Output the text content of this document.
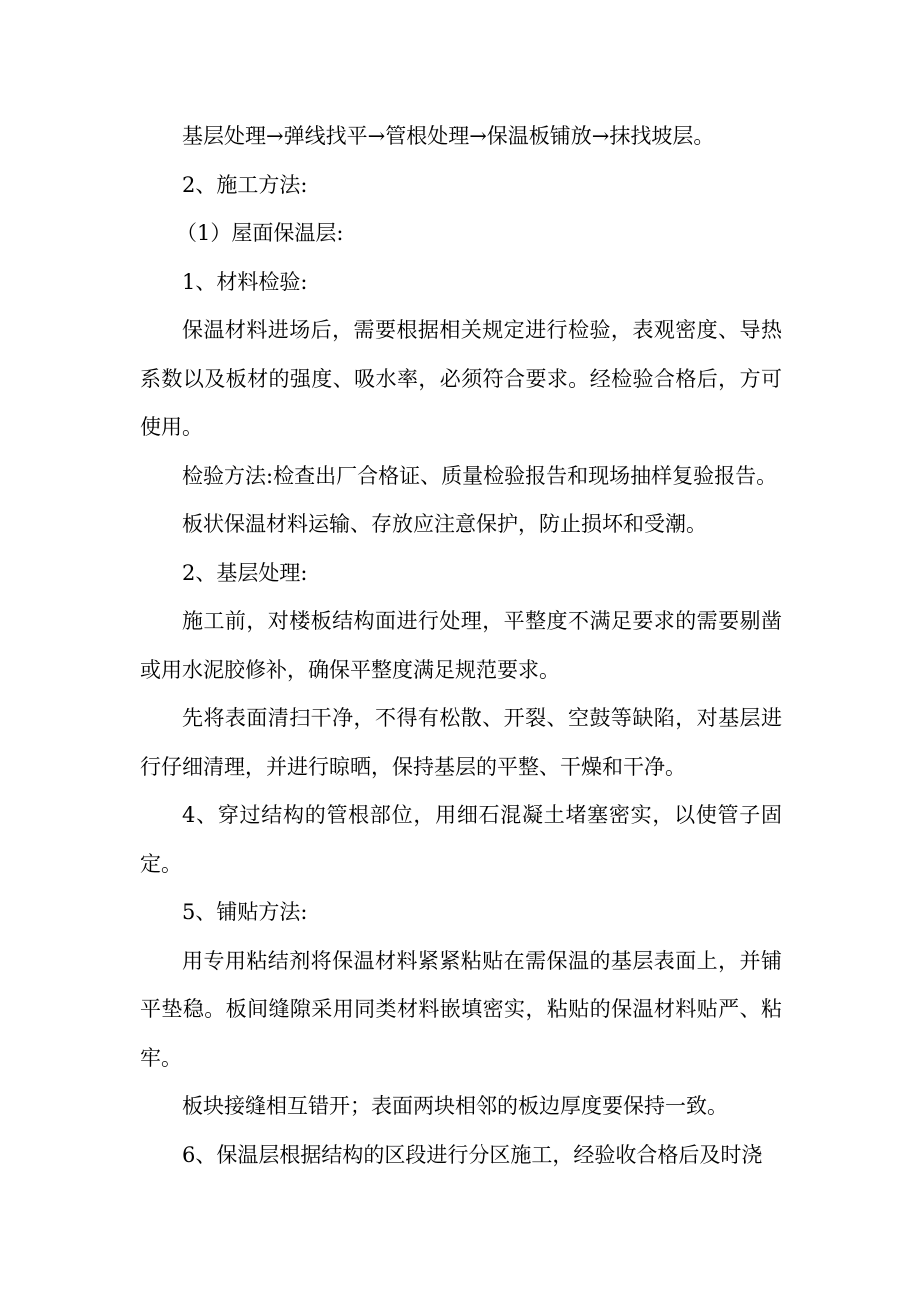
基层处理→弹线找平→管根处理→保温板铺放→抹找坡层。

2、施工方法:

（1）屋面保温层:

1、材料检验:

保温材料进场后，需要根据相关规定进行检验，表观密度、导热系数以及板材的强度、吸水率，必须符合要求。经检验合格后，方可使用。

检验方法:检查出厂合格证、质量检验报告和现场抽样复验报告。

板状保温材料运输、存放应注意保护，防止损坏和受潮。

2、基层处理:

施工前，对楼板结构面进行处理，平整度不满足要求的需要剔凿或用水泥胶修补，确保平整度满足规范要求。

先将表面清扫干净，不得有松散、开裂、空鼓等缺陷，对基层进行仔细清理，并进行晾晒，保持基层的平整、干燥和干净。

4、穿过结构的管根部位，用细石混凝土堵塞密实，以使管子固定。

5、铺贴方法:

用专用粘结剂将保温材料紧紧粘贴在需保温的基层表面上，并铺平垫稳。板间缝隙采用同类材料嵌填密实，粘贴的保温材料贴严、粘牢。

板块接缝相互错开；表面两块相邻的板边厚度要保持一致。

6、保温层根据结构的区段进行分区施工，经验收合格后及时浇
